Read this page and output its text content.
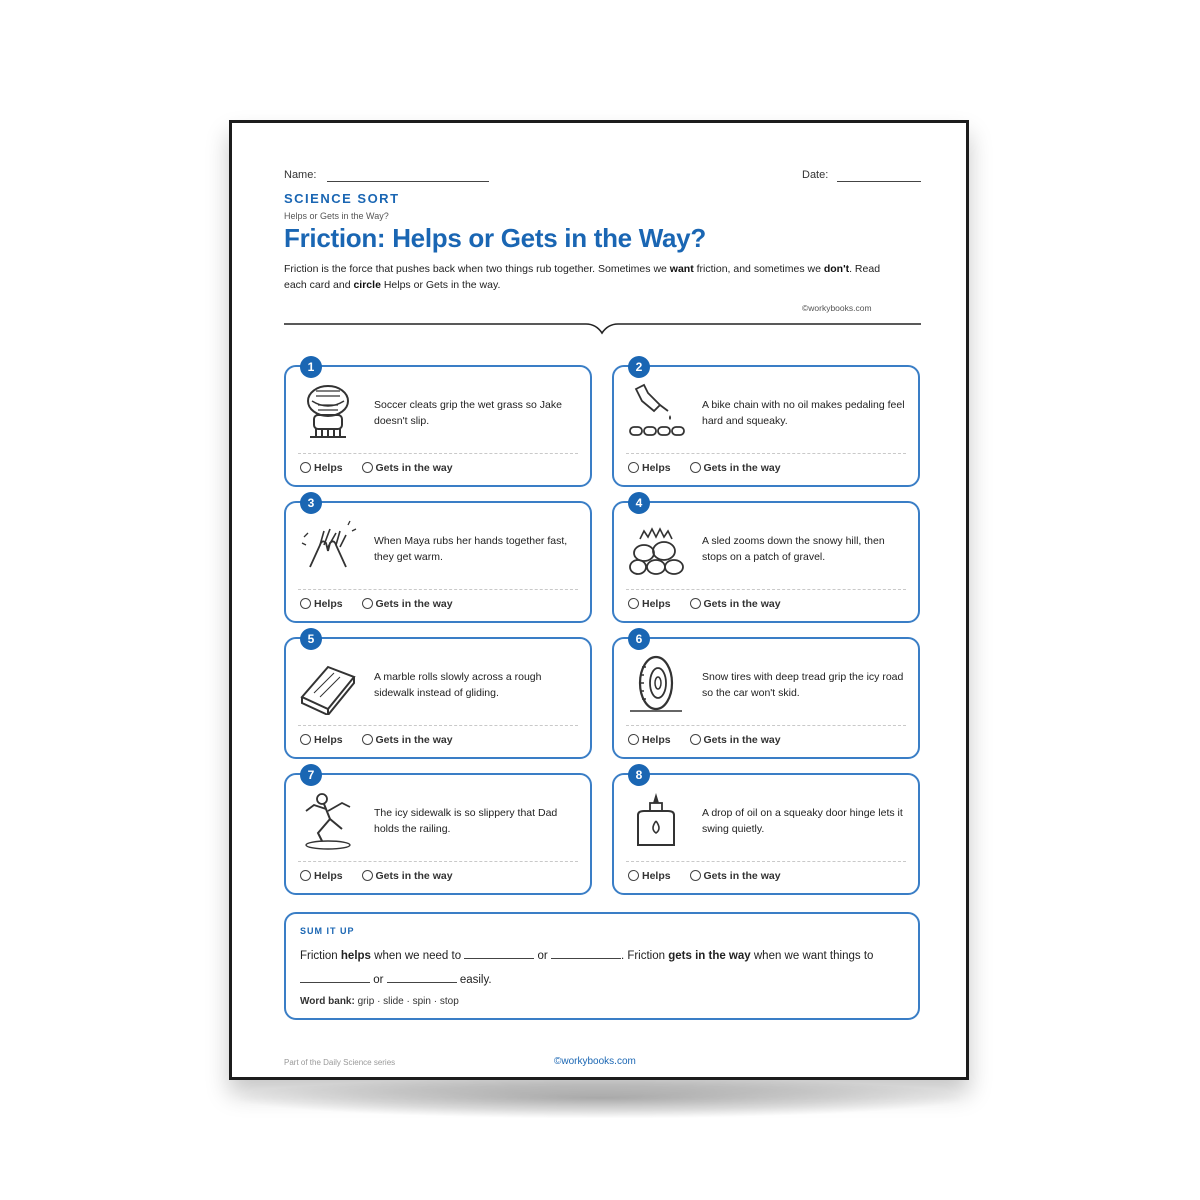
Name:	Date:
SCIENCE SORT
Helps or Gets in the Way?
Friction: Helps or Gets in the Way?
Friction is the force that pushes back when two things rub together. Sometimes we want friction, and sometimes we don't. Read each card and circle Helps or Gets in the way.
©workybooks.com
1
Soccer cleats grip the wet grass so Jake doesn't slip.
Helps	Gets in the way
2
A bike chain with no oil makes pedaling feel hard and squeaky.
Helps	Gets in the way
3
When Maya rubs her hands together fast, they get warm.
Helps	Gets in the way
4
A sled zooms down the snowy hill, then stops on a patch of gravel.
Helps	Gets in the way
5
A marble rolls slowly across a rough sidewalk instead of gliding.
Helps	Gets in the way
6
Snow tires with deep tread grip the icy road so the car won't skid.
Helps	Gets in the way
7
The icy sidewalk is so slippery that Dad holds the railing.
Helps	Gets in the way
8
A drop of oil on a squeaky door hinge lets it swing quietly.
Helps	Gets in the way
SUM IT UP
Friction helps when we need to	or	. Friction gets in the way when we want things to  or	easily.
Word bank: grip · slide · spin · stop
Part of the Daily Science series	©workybooks.com
